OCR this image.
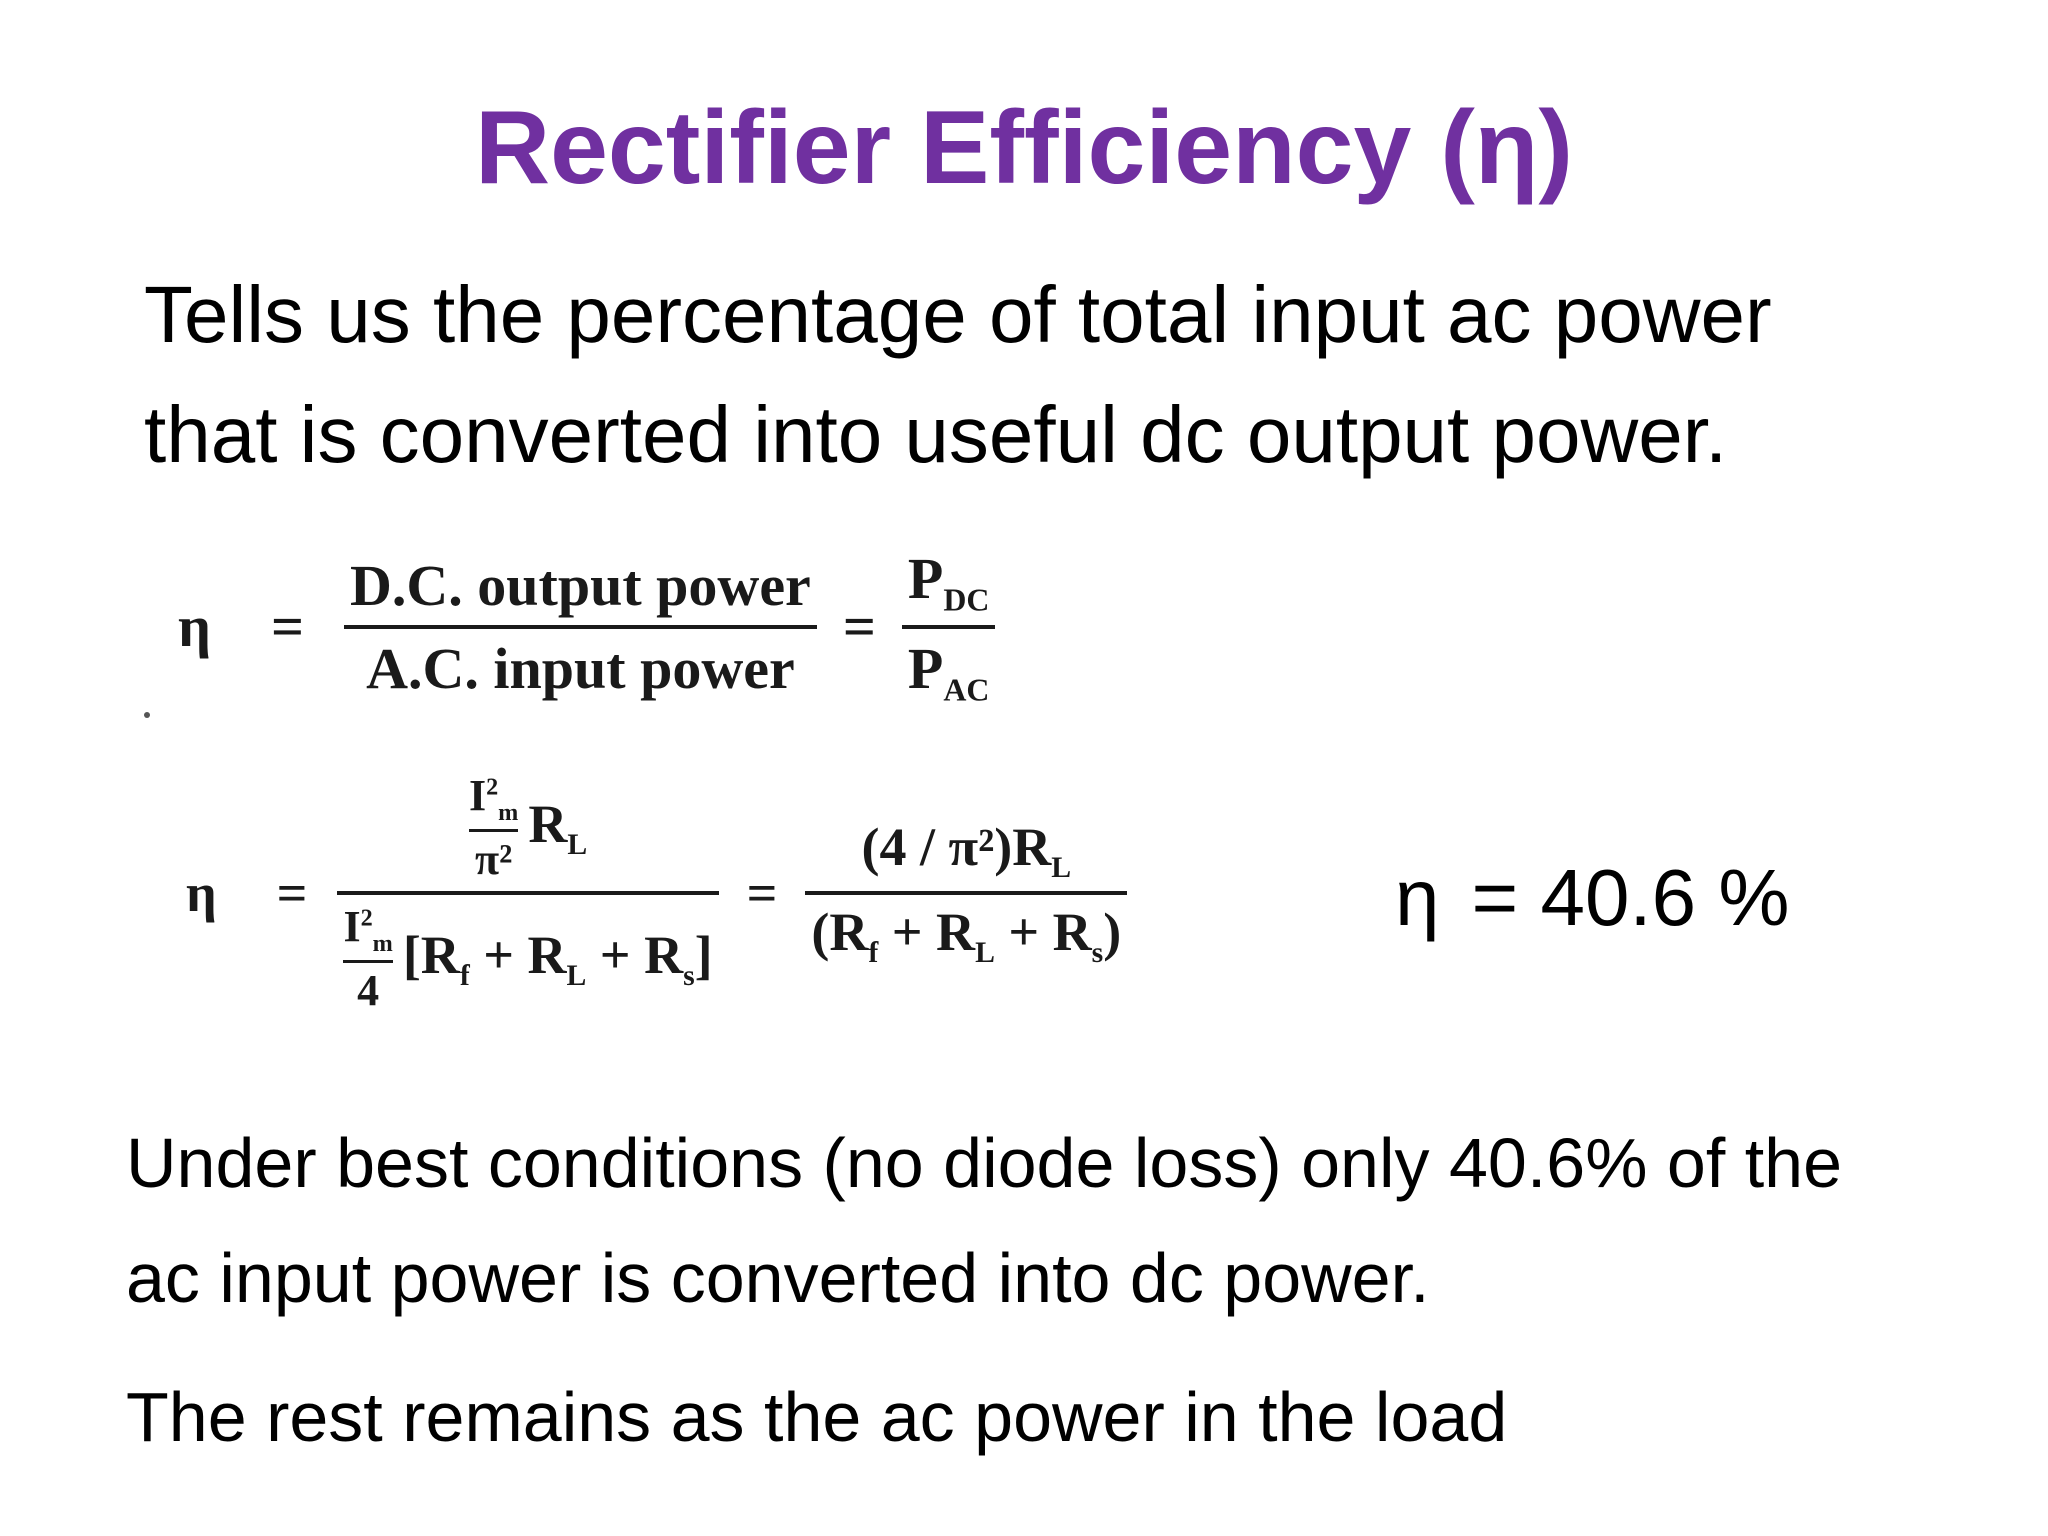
Rectifier Efficiency (η)
Tells us the percentage of total input ac power
that is converted into useful dc output power.
$\eta = \frac{\text{D.C. output power}}{\text{A.C. input power}} = \frac{P_{DC}}{P_{AC}}$
$\eta = \frac{\frac{I^2_m}{\text{π²}} R_L}{\frac{I^2_m}{4} [R_f + R_L + R_s]} = \frac{(4 / \pi^2)R_L}{(R_f + R_L + R_s)}$	η = 40.6 %
Under best conditions (no diode loss) only 40.6% of the
ac input power is converted into dc power.
The rest remains as the ac power in the load
